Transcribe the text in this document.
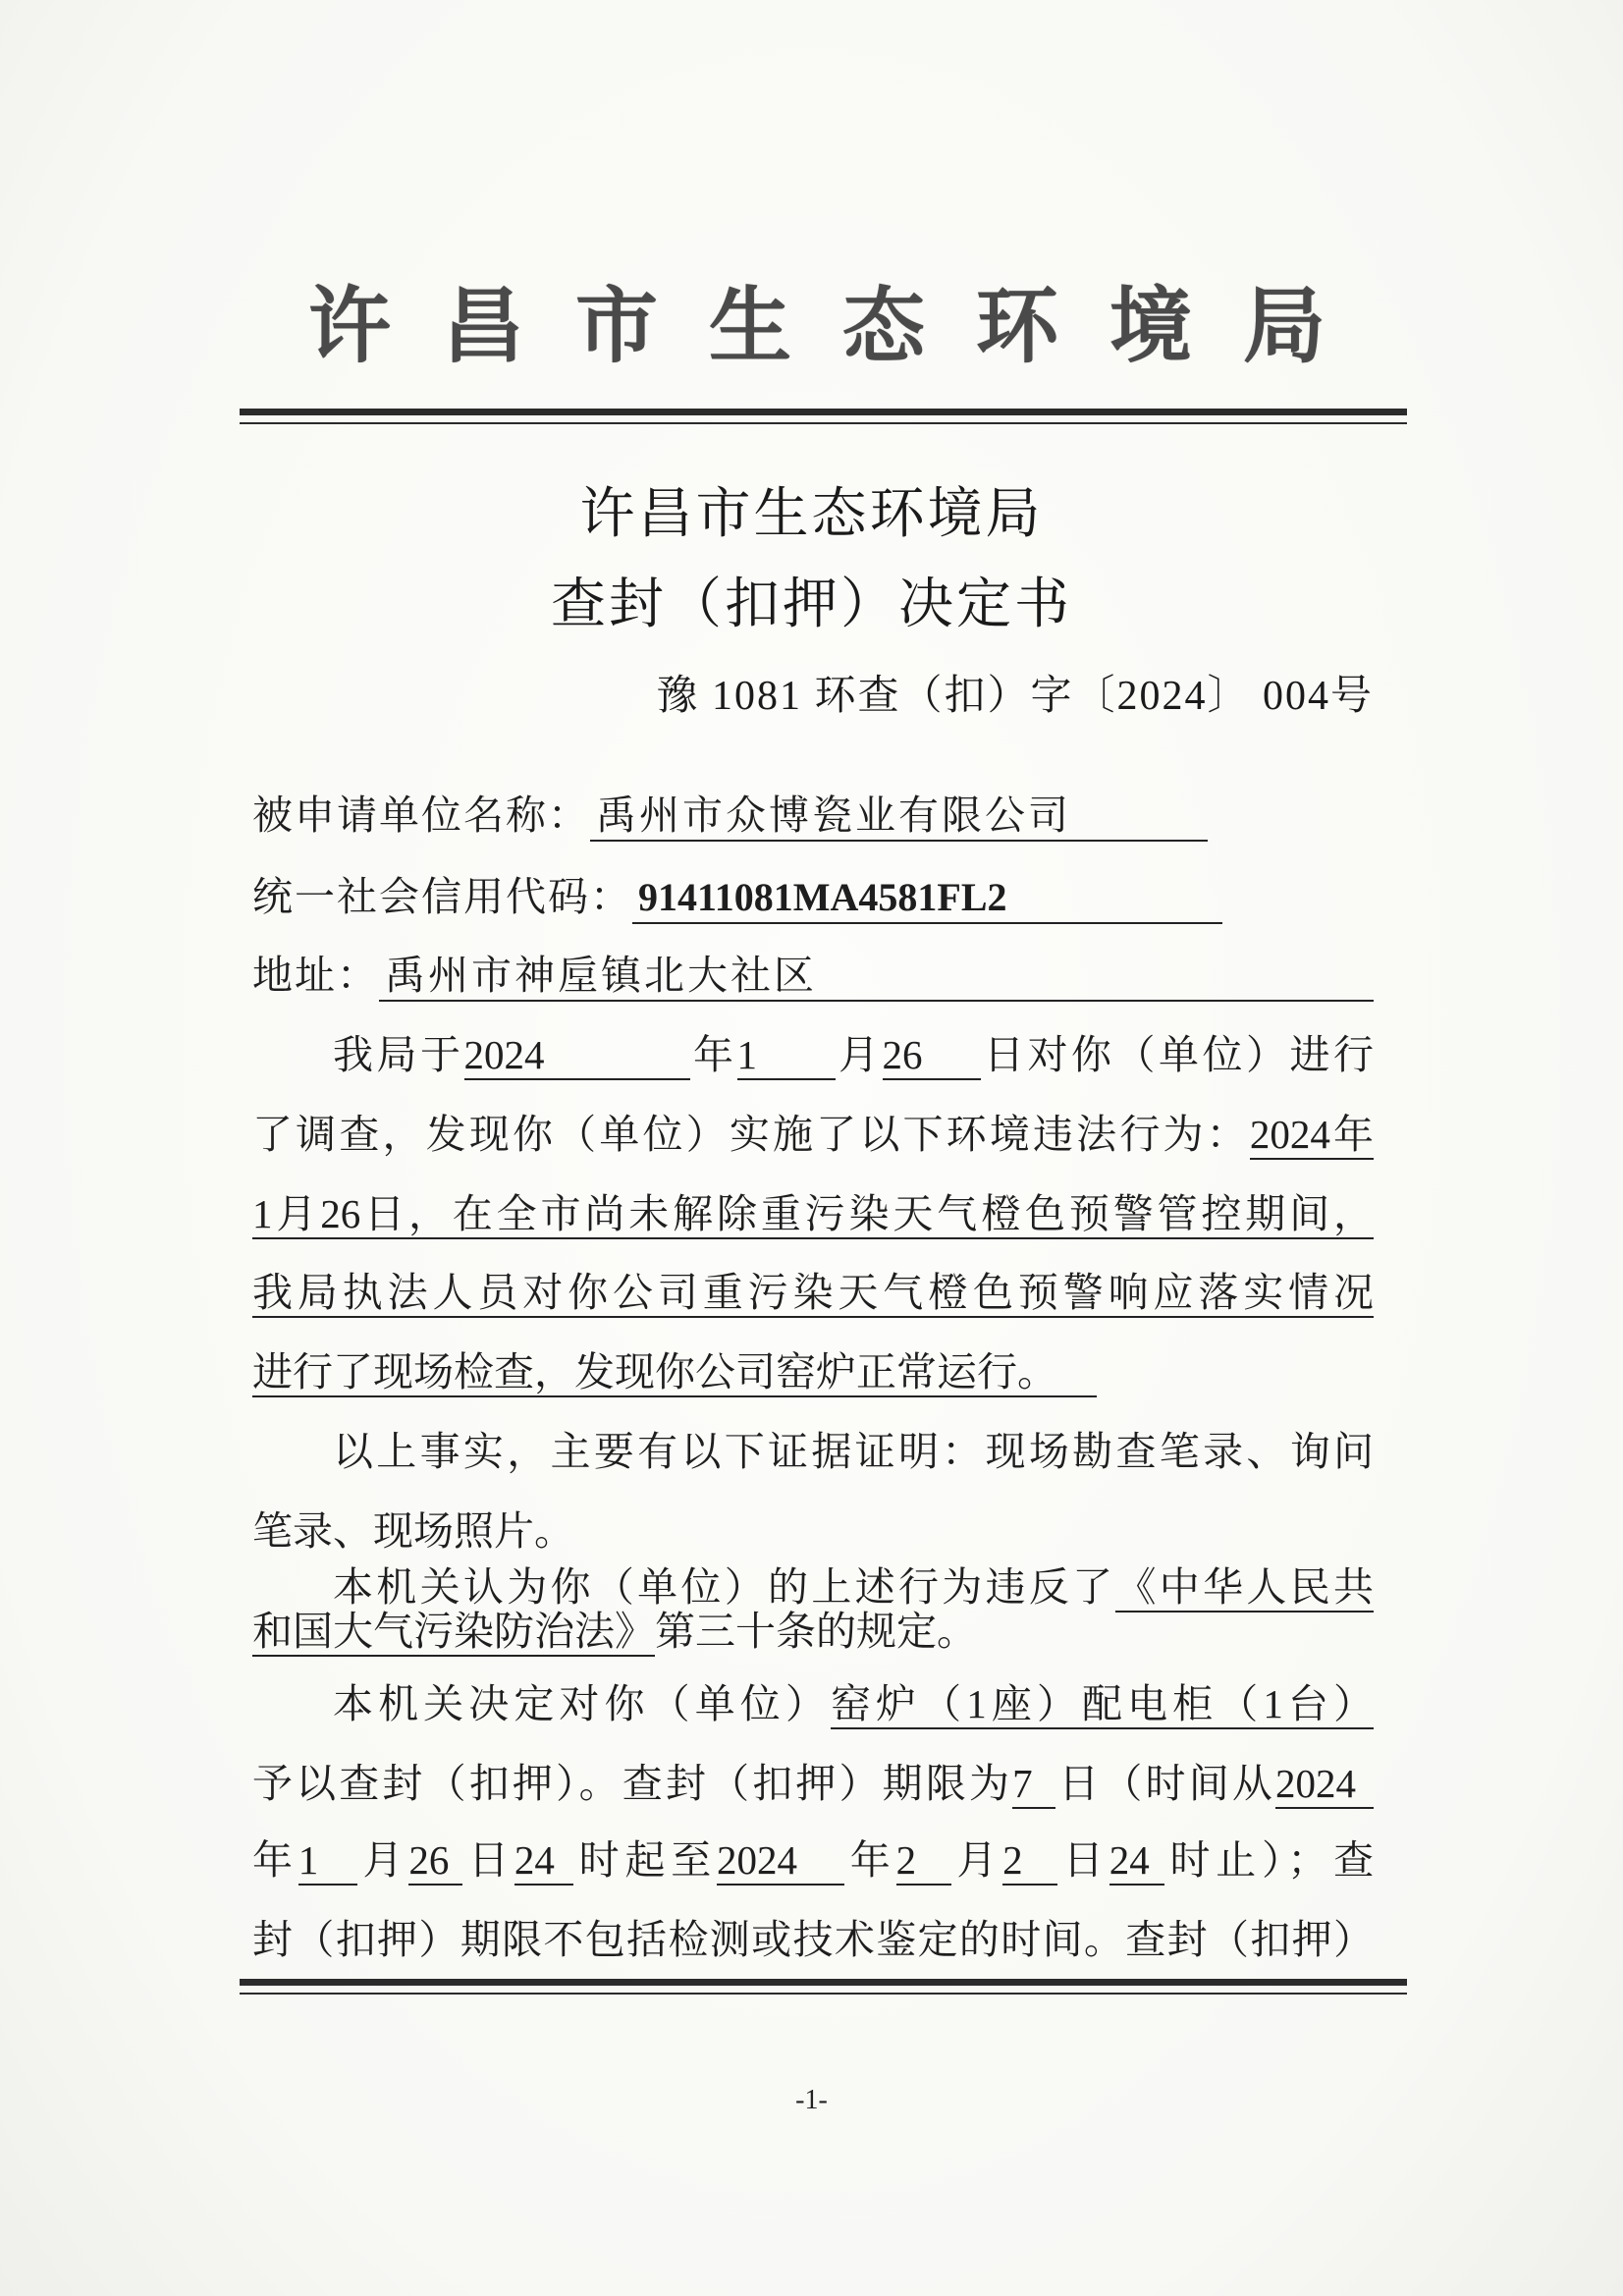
许昌市生态环境局
许昌市生态环境局
查封（扣押）决定书
豫 1081 环查（扣）字〔2024〕 004号
被申请单位名称： 禹州市众博瓷业有限公司
统一社会信用代码： 91411081MA4581FL2
地址： 禹州市神垕镇北大社区
我局于2024	年1 月26 日对你（单位）进行
了调查，发现你（单位）实施了以下环境违法行为：2024年
1月26日，在全市尚未解除重污染天气橙色预警管控期间，
我局执法人员对你公司重污染天气橙色预警响应落实情况
进行了现场检查，发现你公司窑炉正常运行。
以上事实，主要有以下证据证明：现场勘查笔录、询问
笔录、现场照片。
本机关认为你（单位）的上述行为违反了《中华人民共
和国大气污染防治法》第三十条的规定。
本机关决定对你（单位）窑炉（1座）配电柜（1台）
予以查封（扣押）。查封（扣押）期限为7 日（时间从2024
年1 月26 日24 时起至2024 年2 月2 日24 时止）；查
封（扣押）期限不包括检测或技术鉴定的时间。查封（扣押）
-1-
